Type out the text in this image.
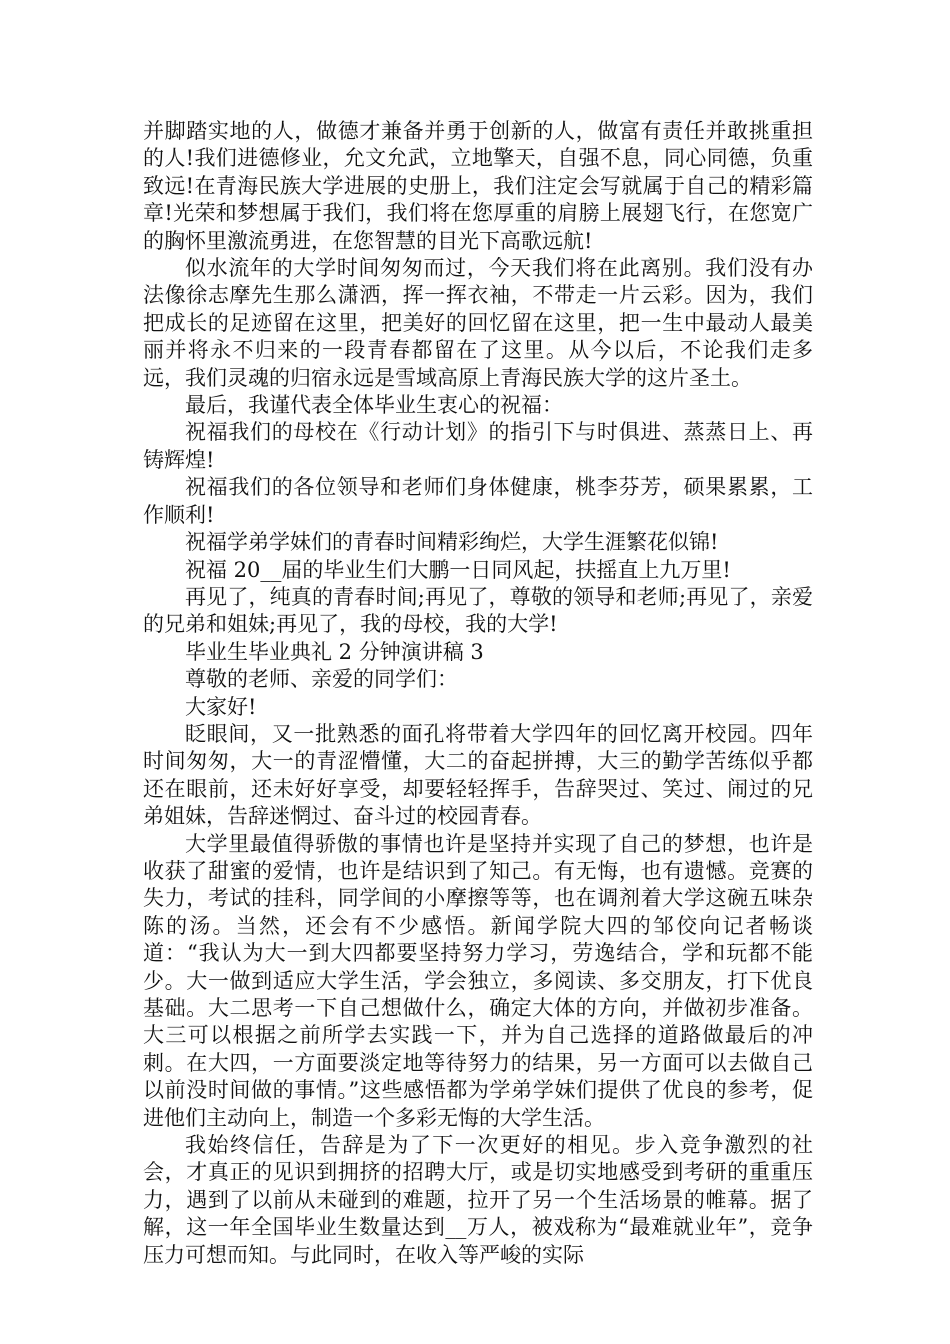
并脚踏实地的人，做德才兼备并勇于创新的人，做富有责任并敢挑重担的人!我们进德修业，允文允武，立地擎天，自强不息，同心同德，负重致远!在青海民族大学进展的史册上，我们注定会写就属于自己的精彩篇章!光荣和梦想属于我们，我们将在您厚重的肩膀上展翅飞行，在您宽广的胸怀里激流勇进，在您智慧的目光下高歌远航!

似水流年的大学时间匆匆而过，今天我们将在此离别。我们没有办法像徐志摩先生那么潇洒，挥一挥衣袖，不带走一片云彩。因为，我们把成长的足迹留在这里，把美好的回忆留在这里，把一生中最动人最美丽并将永不归来的一段青春都留在了这里。从今以后，不论我们走多远，我们灵魂的归宿永远是雪域高原上青海民族大学的这片圣土。

最后，我谨代表全体毕业生衷心的祝福：

祝福我们的母校在《行动计划》的指引下与时俱进、蒸蒸日上、再铸辉煌!

祝福我们的各位领导和老师们身体健康，桃李芬芳，硕果累累，工作顺利!

祝福学弟学妹们的青春时间精彩绚烂，大学生涯繁花似锦!

祝福 20__届的毕业生们大鹏一日同风起，扶摇直上九万里!

再见了，纯真的青春时间;再见了，尊敬的领导和老师;再见了，亲爱的兄弟和姐妹;再见了，我的母校，我的大学!

毕业生毕业典礼 2 分钟演讲稿 3

尊敬的老师、亲爱的同学们：

大家好!

眨眼间，又一批熟悉的面孔将带着大学四年的回忆离开校园。四年时间匆匆，大一的青涩懵懂，大二的奋起拼搏，大三的勤学苦练似乎都还在眼前，还未好好享受，却要轻轻挥手，告辞哭过、笑过、闹过的兄弟姐妹，告辞迷惘过、奋斗过的校园青春。

大学里最值得骄傲的事情也许是坚持并实现了自己的梦想，也许是收获了甜蜜的爱情，也许是结识到了知己。有无悔，也有遗憾。竞赛的失力，考试的挂科，同学间的小摩擦等等，也在调剂着大学这碗五味杂陈的汤。当然，还会有不少感悟。新闻学院大四的邹佼向记者畅谈道：“我认为大一到大四都要坚持努力学习，劳逸结合，学和玩都不能少。大一做到适应大学生活，学会独立，多阅读、多交朋友，打下优良基础。大二思考一下自己想做什么，确定大体的方向，并做初步准备。大三可以根据之前所学去实践一下，并为自己选择的道路做最后的冲刺。在大四，一方面要淡定地等待努力的结果，另一方面可以去做自己以前没时间做的事情。”这些感悟都为学弟学妹们提供了优良的参考，促进他们主动向上，制造一个多彩无悔的大学生活。

我始终信任，告辞是为了下一次更好的相见。步入竞争激烈的社会，才真正的见识到拥挤的招聘大厅，或是切实地感受到考研的重重压力，遇到了以前从未碰到的难题，拉开了另一个生活场景的帷幕。据了解，这一年全国毕业生数量达到__万人，被戏称为“最难就业年”，竞争压力可想而知。与此同时，在收入等严峻的实际
